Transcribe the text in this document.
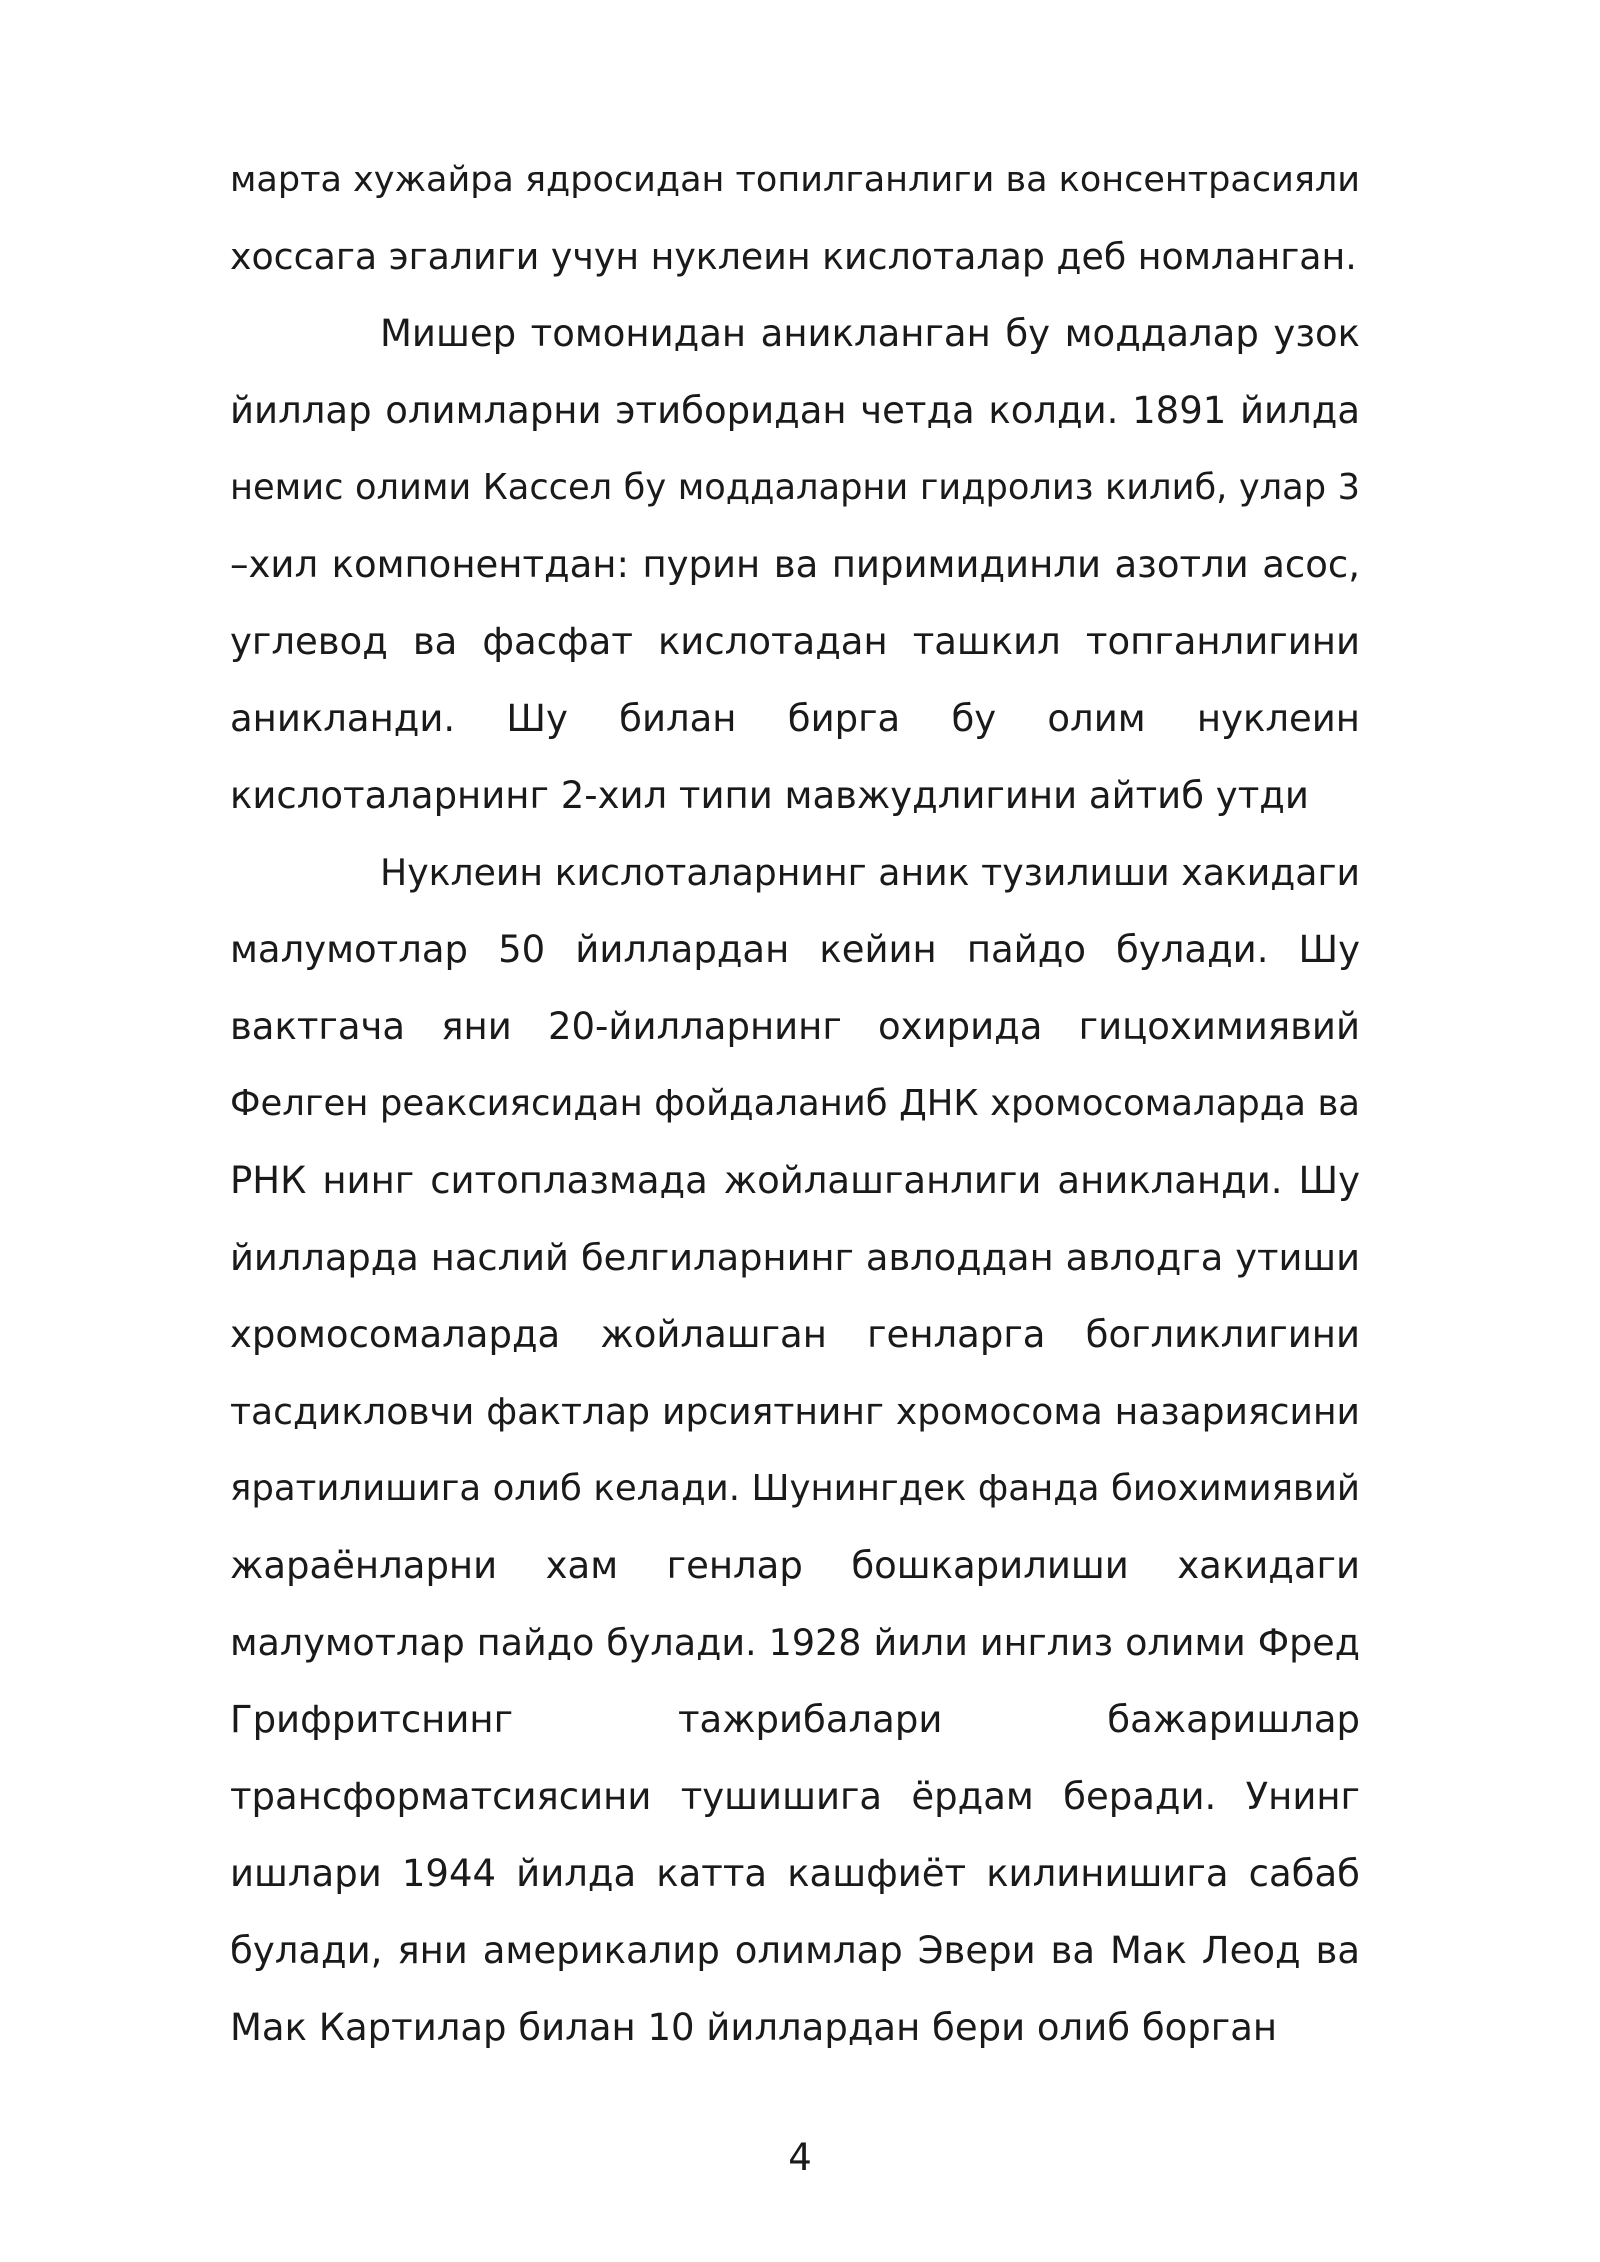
марта хужайра ядросидан топилганлиги ва консентрасияли
хоссага эгалиги учун нуклеин кислоталар деб номланган.
Мишер томонидан аникланган бу моддалар узок
йиллар олимларни этиборидан четда колди. 1891 йилда
немис олими Кассел бу моддаларни гидролиз килиб, улар 3
–хил компонентдан: пурин ва пиримидинли азотли асос,
углевод ва фасфат кислотадан ташкил топганлигини
аникланди. Шу билан бирга бу олим нуклеин
кислоталарнинг 2-хил типи мавжудлигини айтиб утди
Нуклеин кислоталарнинг аник тузилиши хакидаги
малумотлар 50 йиллардан кейин пайдо булади. Шу
вактгача яни 20-йилларнинг охирида гицохимиявий
Фелген реаксиясидан фойдаланиб ДНК хромосомаларда ва
РНК нинг ситоплазмада жойлашганлиги аникланди. Шу
йилларда наслий белгиларнинг авлоддан авлодга утиши
хромосомаларда жойлашган генларга богликлигини
тасдикловчи фактлар ирсиятнинг хромосома назариясини
яратилишига олиб келади. Шунингдек фанда биохимиявий
жараёнларни хам генлар бошкарилиши хакидаги
малумотлар пайдо булади. 1928 йили инглиз олими Фред
Грифритснинг тажрибалари бажаришлар
трансформатсиясини тушишига ёрдам беради. Унинг
ишлари 1944 йилда катта кашфиёт килинишига сабаб
булади, яни америкалир олимлар Эвери ва Мак Леод ва
Мак Картилар билан 10 йиллардан бери олиб борган
4
